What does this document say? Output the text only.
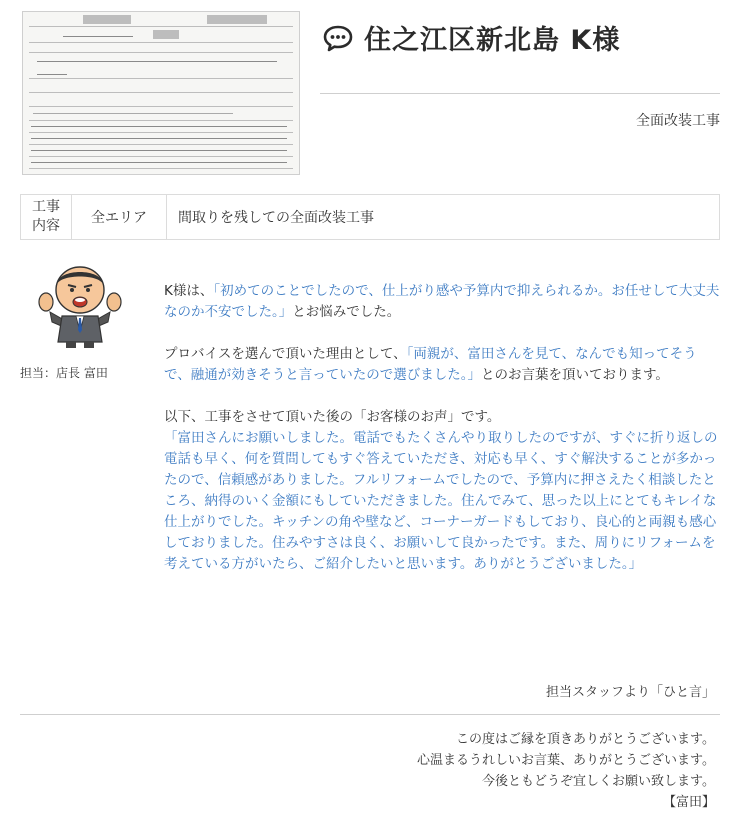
住之江区新北島 K様
全面改装工事
工事
内容 全エリア 間取りを残しての全面改装工事
担当：店長 富田

K様は、「初めてのことでしたので、仕上がり感や予算内で抑えられるか。お任せして大丈夫なのか不安でした。」とお悩みでした。

プロバイスを選んで頂いた理由として、「両親が、富田さんを見て、なんでも知ってそうで、融通が効きそうと言っていたので選びました。」とのお言葉を頂いております。

以下、工事をさせて頂いた後の「お客様のお声」です。
「富田さんにお願いしました。電話でもたくさんやり取りしたのですが、すぐに折り返しの電話も早く、何を質問してもすぐ答えていただき、対応も早く、すぐ解決することが多かったので、信頼感がありました。フルリフォームでしたので、予算内に押さえたく相談したところ、納得のいく金額にもしていただきました。住んでみて、思った以上にとてもキレイな仕上がりでした。キッチンの角や壁など、コーナーガードもしており、良心的と両親も感心しておりました。住みやすさは良く、お願いして良かったです。また、周りにリフォームを考えている方がいたら、ご紹介したいと思います。ありがとうございました。」

担当スタッフより「ひと言」
この度はご縁を頂きありがとうございます。
心温まるうれしいお言葉、ありがとうございます。
今後ともどうぞ宜しくお願い致します。
【富田】
